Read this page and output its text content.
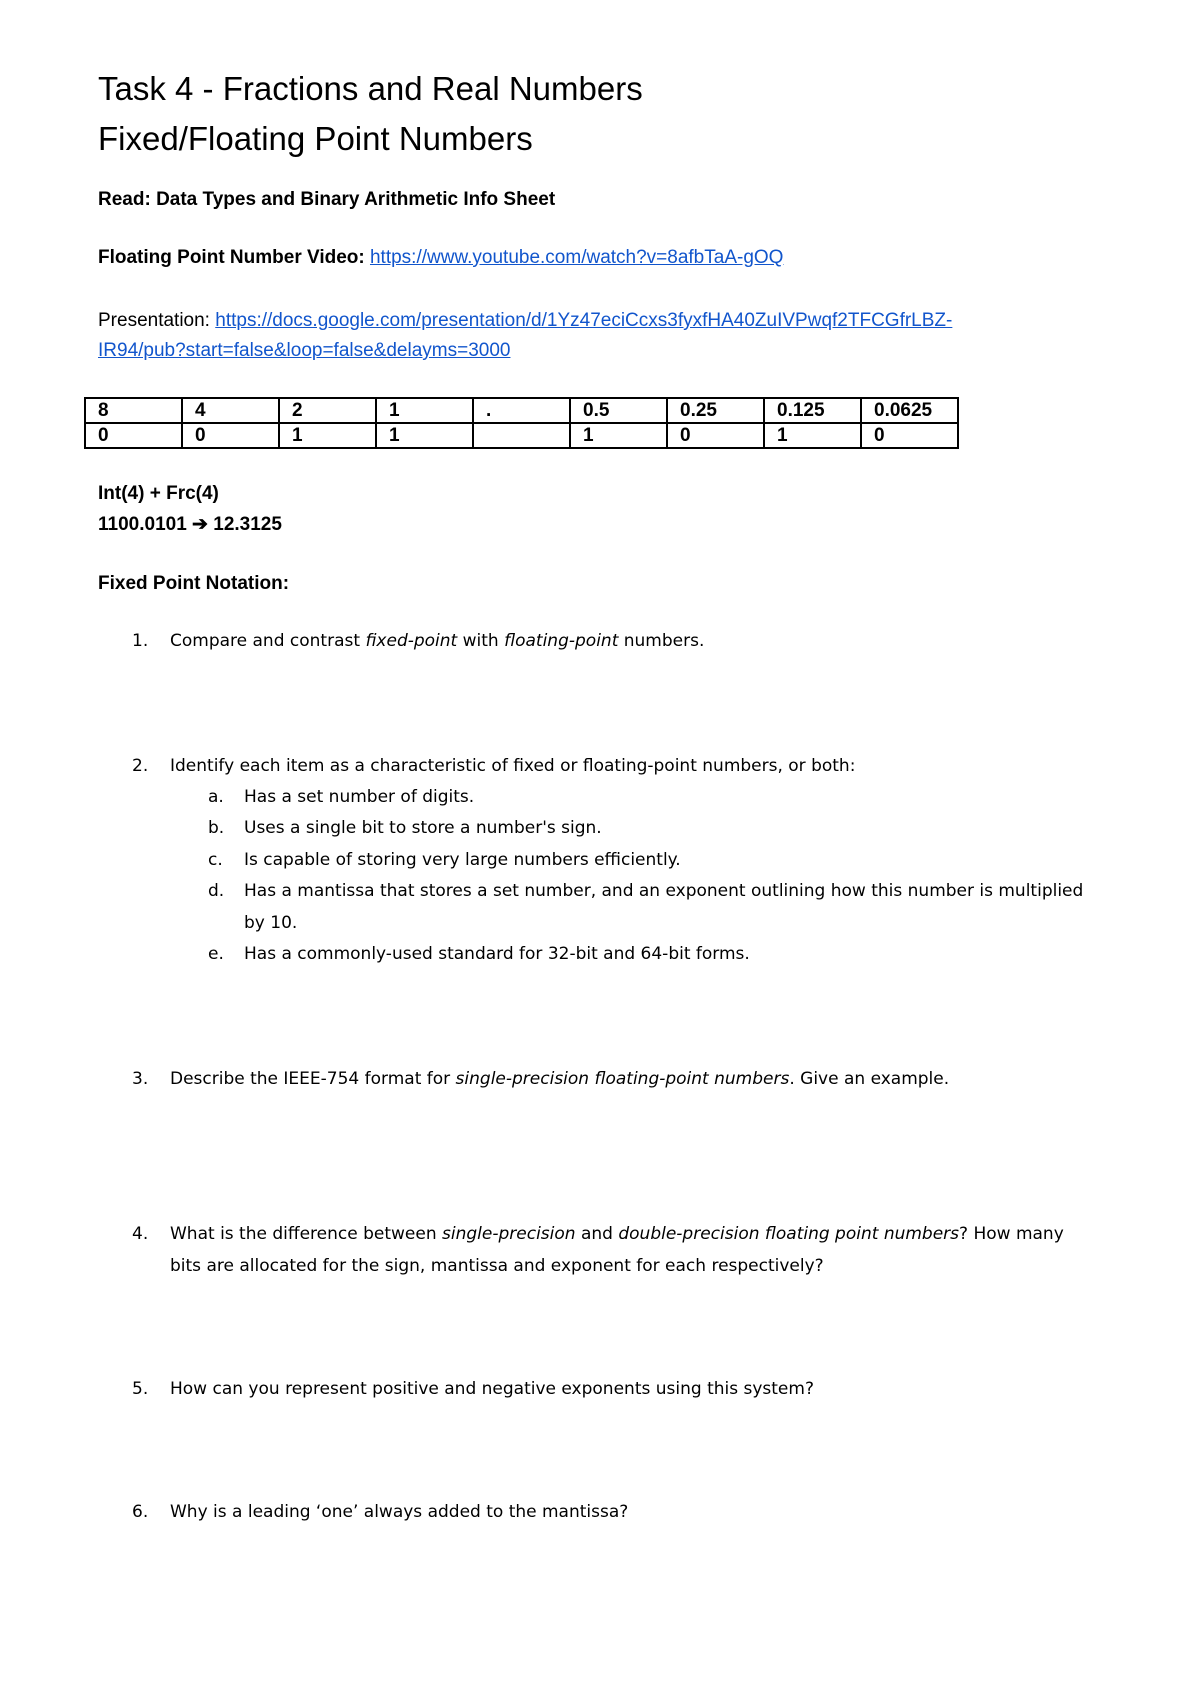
Task 4 - Fractions and Real Numbers
Fixed/Floating Point Numbers
Read: Data Types and Binary Arithmetic Info Sheet
Floating Point Number Video: https://www.youtube.com/watch?v=8afbTaA-gOQ
Presentation: https://docs.google.com/presentation/d/1Yz47eciCcxs3fyxfHA40ZuIVPwqf2TFCGfrLBZ-
IR94/pub?start=false&loop=false&delayms=3000
8	4	2	1	.	0.5	0.25	0.125	0.0625
0	0	1	1		1	0	1	0
Int(4) + Frc(4)
1100.0101 ➔ 12.3125
Fixed Point Notation:
1.	Compare and contrast fixed-point with floating-point numbers.
2.	Identify each item as a characteristic of fixed or floating-point numbers, or both:
a. Has a set number of digits.
b. Uses a single bit to store a number's sign.
c. Is capable of storing very large numbers efficiently.
d. Has a mantissa that stores a set number, and an exponent outlining how this number is multiplied by 10.
e. Has a commonly-used standard for 32-bit and 64-bit forms.
3.	Describe the IEEE-754 format for single-precision floating-point numbers. Give an example.
4.	What is the difference between single-precision and double-precision floating point numbers? How many bits are allocated for the sign, mantissa and exponent for each respectively?
5.	How can you represent positive and negative exponents using this system?
6.	Why is a leading ‘one’ always added to the mantissa?
